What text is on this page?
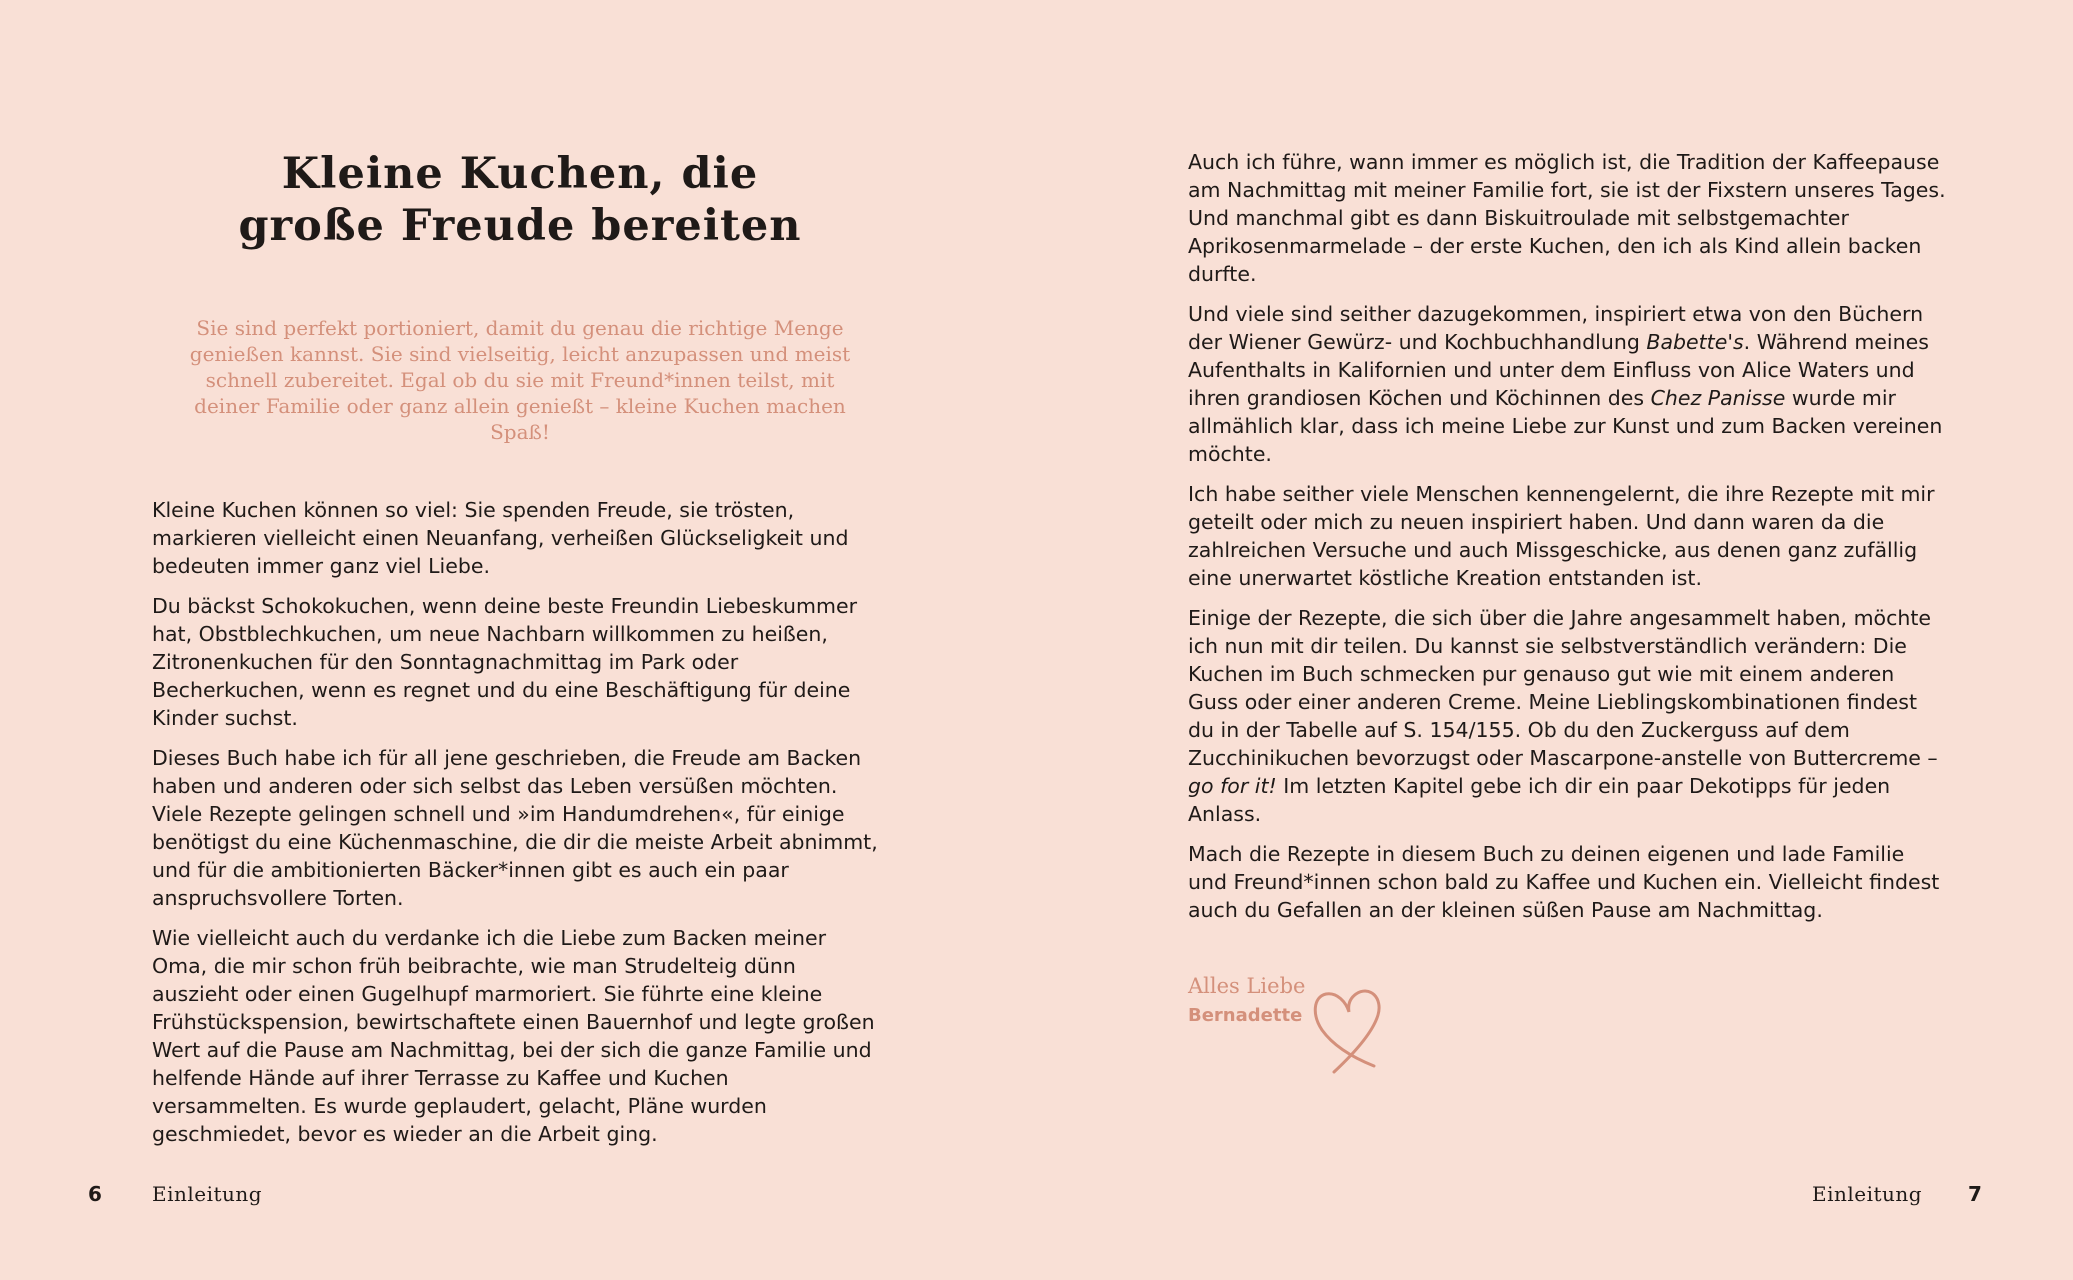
Kleine Kuchen, die
große Freude bereiten

Sie sind perfekt portioniert, damit du genau die richtige Menge genießen kannst. Sie sind vielseitig, leicht anzupassen und meist schnell zubereitet. Egal ob du sie mit Freund*innen teilst, mit deiner Familie oder ganz allein genießt – kleine Kuchen machen Spaß!

Kleine Kuchen können so viel: Sie spenden Freude, sie trösten, markieren vielleicht einen Neuanfang, verheißen Glückseligkeit und bedeuten immer ganz viel Liebe.

Du bäckst Schokokuchen, wenn deine beste Freundin Liebeskummer hat, Obstblechkuchen, um neue Nachbarn willkommen zu heißen, Zitronenkuchen für den Sonntagnachmittag im Park oder Becherkuchen, wenn es regnet und du eine Beschäftigung für deine Kinder suchst.

Dieses Buch habe ich für all jene geschrieben, die Freude am Backen haben und anderen oder sich selbst das Leben versüßen möchten. Viele Rezepte gelingen schnell und »im Handumdrehen«, für einige benötigst du eine Küchenmaschine, die dir die meiste Arbeit abnimmt, und für die ambitionierten Bäcker*innen gibt es auch ein paar anspruchsvollere Torten.

Wie vielleicht auch du verdanke ich die Liebe zum Backen meiner Oma, die mir schon früh beibrachte, wie man Strudelteig dünn auszieht oder einen Gugelhupf marmoriert. Sie führte eine kleine Frühstückspension, bewirtschaftete einen Bauernhof und legte großen Wert auf die Pause am Nachmittag, bei der sich die ganze Familie und helfende Hände auf ihrer Terrasse zu Kaffee und Kuchen versammelten. Es wurde geplaudert, gelacht, Pläne wurden geschmiedet, bevor es wieder an die Arbeit ging.

6	Einleitung

Auch ich führe, wann immer es möglich ist, die Tradition der Kaffeepause am Nachmittag mit meiner Familie fort, sie ist der Fixstern unseres Tages. Und manchmal gibt es dann Biskuitroulade mit selbstgemachter Aprikosenmarmelade – der erste Kuchen, den ich als Kind allein backen durfte.

Und viele sind seither dazugekommen, inspiriert etwa von den Büchern der Wiener Gewürz- und Kochbuchhandlung Babette's. Während meines Aufenthalts in Kalifornien und unter dem Einfluss von Alice Waters und ihren grandiosen Köchen und Köchinnen des Chez Panisse wurde mir allmählich klar, dass ich meine Liebe zur Kunst und zum Backen vereinen möchte.

Ich habe seither viele Menschen kennengelernt, die ihre Rezepte mit mir geteilt oder mich zu neuen inspiriert haben. Und dann waren da die zahlreichen Versuche und auch Missgeschicke, aus denen ganz zufällig eine unerwartet köstliche Kreation entstanden ist.

Einige der Rezepte, die sich über die Jahre angesammelt haben, möchte ich nun mit dir teilen. Du kannst sie selbstverständlich verändern: Die Kuchen im Buch schmecken pur genauso gut wie mit einem anderen Guss oder einer anderen Creme. Meine Lieblingskombinationen findest du in der Tabelle auf S. 154/155. Ob du den Zuckerguss auf dem Zucchinikuchen bevorzugst oder Mascarpone-anstelle von Buttercreme – go for it! Im letzten Kapitel gebe ich dir ein paar Dekotipps für jeden Anlass.

Mach die Rezepte in diesem Buch zu deinen eigenen und lade Familie und Freund*innen schon bald zu Kaffee und Kuchen ein. Vielleicht findest auch du Gefallen an der kleinen süßen Pause am Nachmittag.

Alles Liebe
Bernadette
Einleitung 7
